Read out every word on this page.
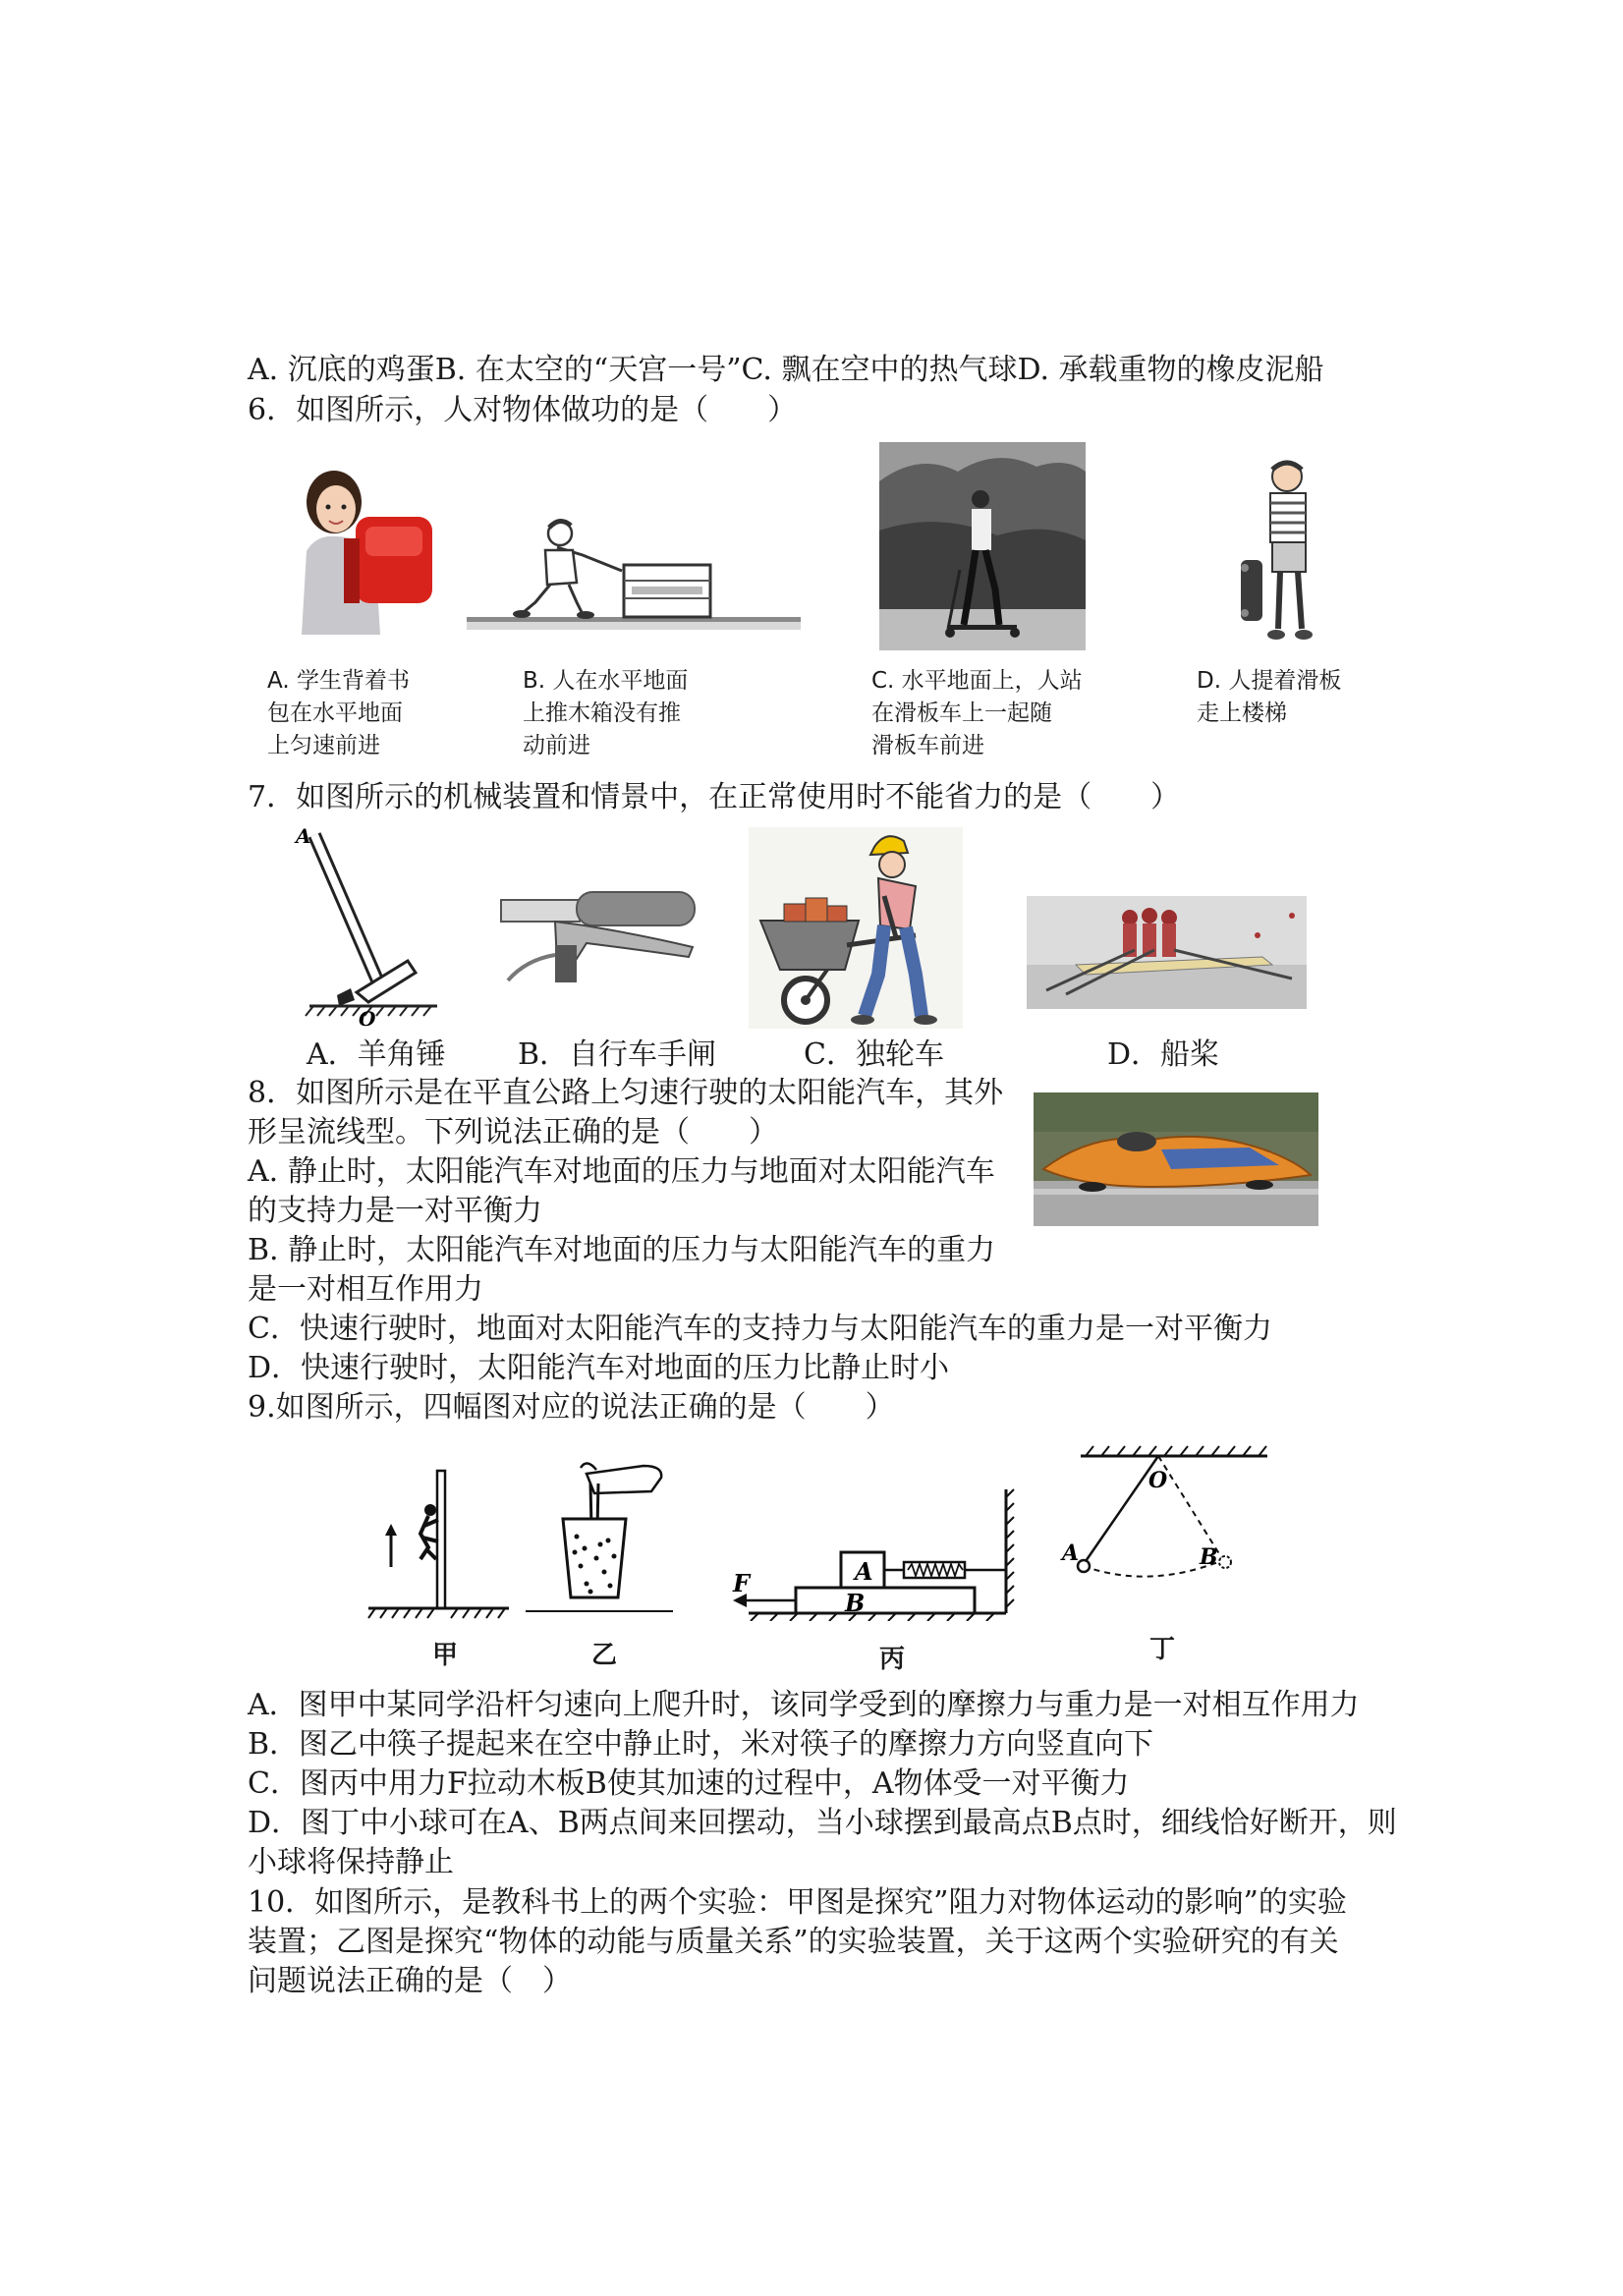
A. 沉底的鸡蛋B. 在太空的“天宫一号”C. 飘在空中的热气球D. 承载重物的橡皮泥船
6．如图所示，人对物体做功的是（　　）
A. 学生背着书
包在水平地面
上匀速前进
B. 人在水平地面
上推木箱没有推
动前进
C. 水平地面上，人站
在滑板车上一起随
滑板车前进
D. 人提着滑板
走上楼梯
7．如图所示的机械装置和情景中，在正常使用时不能省力的是（　　）
A
O
A．羊角锤 B．自行车手闸	C．独轮车	D．船桨
8．如图所示是在平直公路上匀速行驶的太阳能汽车，其外
形呈流线型。下列说法正确的是（　　）
A. 静止时，太阳能汽车对地面的压力与地面对太阳能汽车
的支持力是一对平衡力
B. 静止时，太阳能汽车对地面的压力与太阳能汽车的重力
是一对相互作用力
C．快速行驶时，地面对太阳能汽车的支持力与太阳能汽车的重力是一对平衡力
D．快速行驶时，太阳能汽车对地面的压力比静止时小
9.如图所示，四幅图对应的说法正确的是（　　）
A
B
F
O
A	B
甲	乙	丙	丁
A．图甲中某同学沿杆匀速向上爬升时，该同学受到的摩擦力与重力是一对相互作用力
B．图乙中筷子提起来在空中静止时，米对筷子的摩擦力方向竖直向下
C．图丙中用力F拉动木板B使其加速的过程中，A物体受一对平衡力
D．图丁中小球可在A、B两点间来回摆动，当小球摆到最高点B点时，细线恰好断开，则
小球将保持静止
10．如图所示，是教科书上的两个实验：甲图是探究”阻力对物体运动的影响”的实验
装置；乙图是探究“物体的动能与质量关系”的实验装置，关于这两个实验研究的有关
问题说法正确的是（　）
